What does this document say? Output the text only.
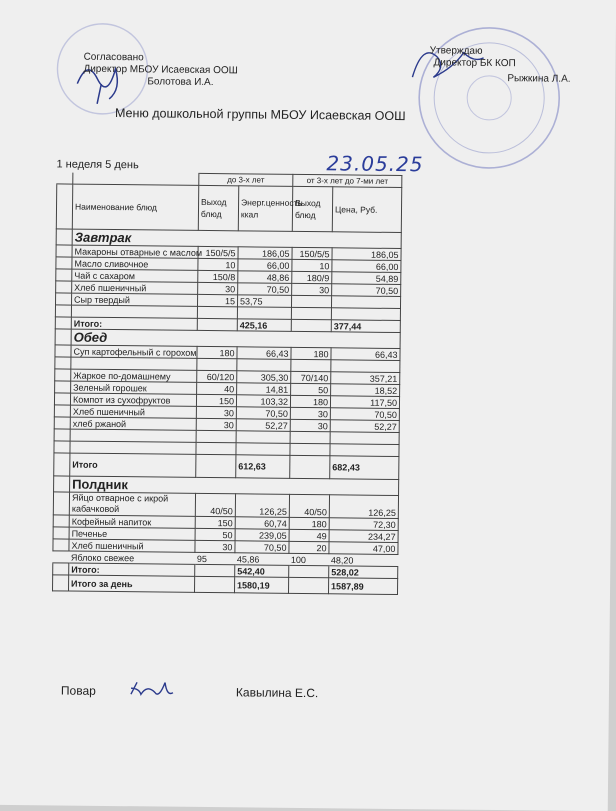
Согласовано
Директор МБОУ Исаевская ООШ
Болотова И.А.
Утверждаю
Директор БК КОП
Рыжкина Л.А.
Меню дошкольной группы МБОУ Исаевская ООШ
1 неделя 5 день	23.05.25
		до 3-х лет		от 3-х лет до 7-ми лет	
	Наименование блюд	Выход блюд	Энерг.ценность ккал	Выход блюд	Цена, Руб.
	Завтрак				
	Макароны отварные с маслом	150/5/5	186,05	150/5/5	186,05
	Масло сливочное	10	66,00	10	66,00
	Чай с сахаром	150/8	48,86	180/9	54,89
	Хлеб пшеничный	30	70,50	30	70,50
	Сыр твердый	15	53,75		

	Итого:		425,16		377,44
	Обед				
	Суп картофельный с горохом	180	66,43	180	66,43

	Жаркое по-домашнему	60/120	305,30	70/140	357,21
	Зеленый горошек	40	14,81	50	18,52
	Компот из сухофруктов	150	103,32	180	117,50
	Хлеб пшеничный	30	70,50	30	70,50
	хлеб ржаной	30	52,27	30	52,27

	Итого		612,63		682,43
	Полдник				
	Яйцо отварное с икрой кабачковой	40/50	126,25	40/50	126,25
	Кофейный напиток	150	60,74	180	72,30
	Печенье	50	239,05	49	234,27
	Хлеб пшеничный	30	70,50	20	47,00
	Яблоко свежее	95	45,86	100	48,20
	Итого:		542,40		528,02
	Итого за день		1580,19		1587,89
Повар	Кавылина Е.С.
